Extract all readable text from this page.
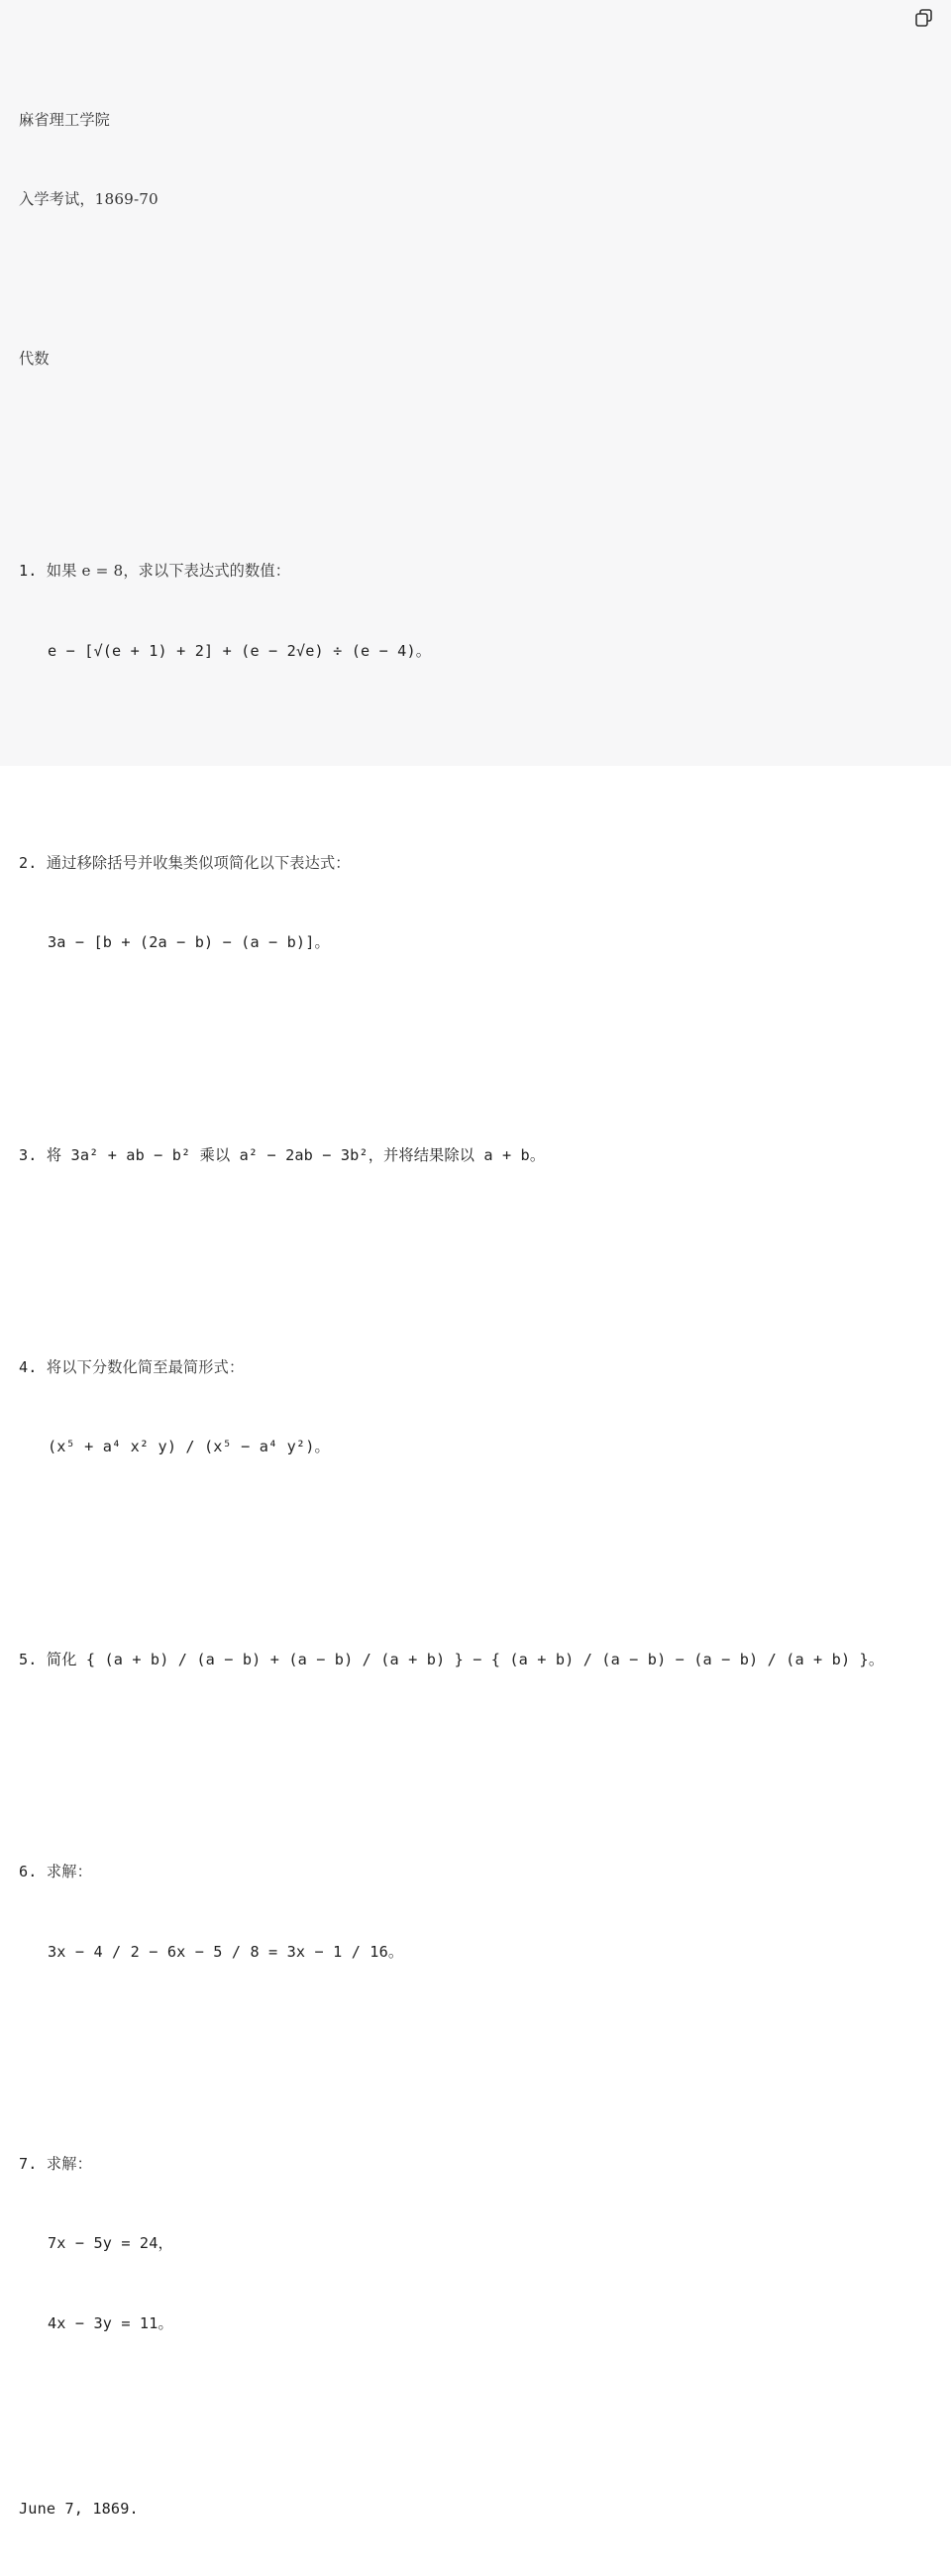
麻省理工学院

入学考试，1869-70

代数

1. 如果 e = 8，求以下表达式的数值：

e − [√(e + 1) + 2] + (e − 2√e) ÷ (e − 4)。

2. 通过移除括号并收集类似项简化以下表达式：

3a − [b + (2a − b) − (a − b)]。

3. 将 3a² + ab − b² 乘以 a² − 2ab − 3b²，并将结果除以 a + b。

4. 将以下分数化简至最简形式：

(x⁵ + a⁴ x² y) / (x⁵ − a⁴ y²)。

5. 简化 { (a + b) / (a − b) + (a − b) / (a + b) } − { (a + b) / (a − b) − (a − b) / (a + b) }。

6. 求解：

3x − 4 / 2 − 6x − 5 / 8 = 3x − 1 / 16。

7. 求解：

7x − 5y = 24，

4x − 3y = 11。

June 7, 1869.
